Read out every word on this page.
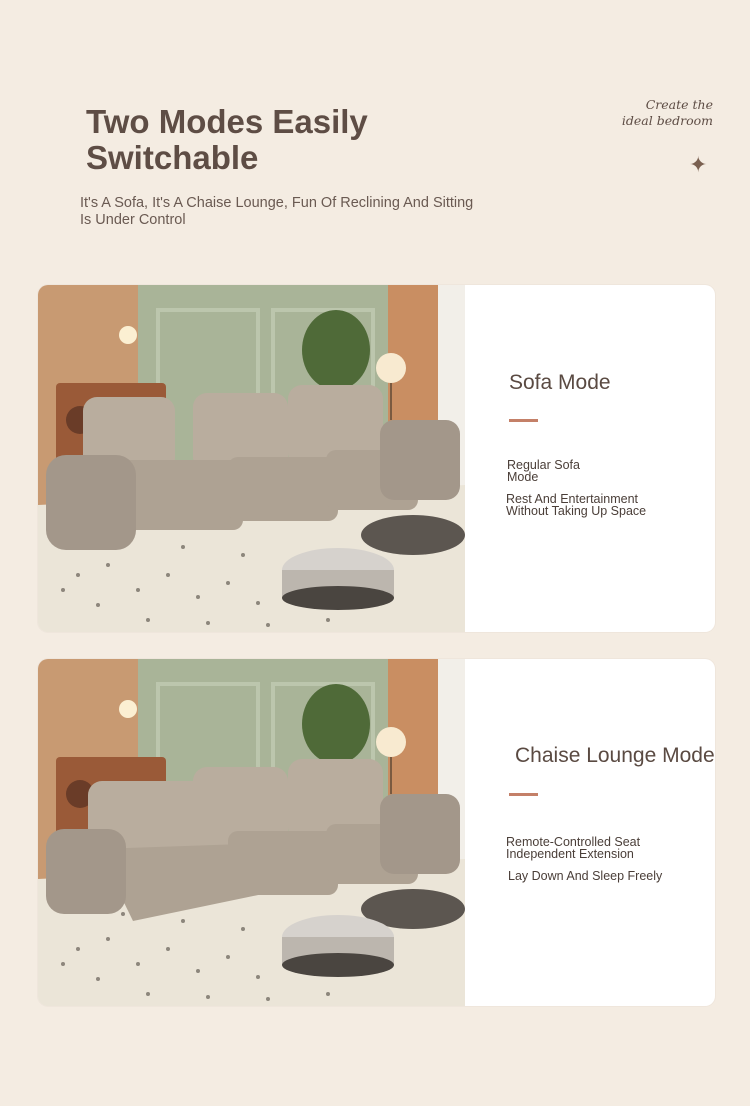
Two Modes Easily
Switchable
It's A Sofa, It's A Chaise Lounge, Fun Of Reclining And Sitting
Is Under Control
Create the
ideal bedroom
✦
Sofa Mode
Regular Sofa
Mode
Rest And Entertainment
Without Taking Up Space
Chaise Lounge Mode
Remote-Controlled Seat
Independent Extension
Lay Down And Sleep Freely
